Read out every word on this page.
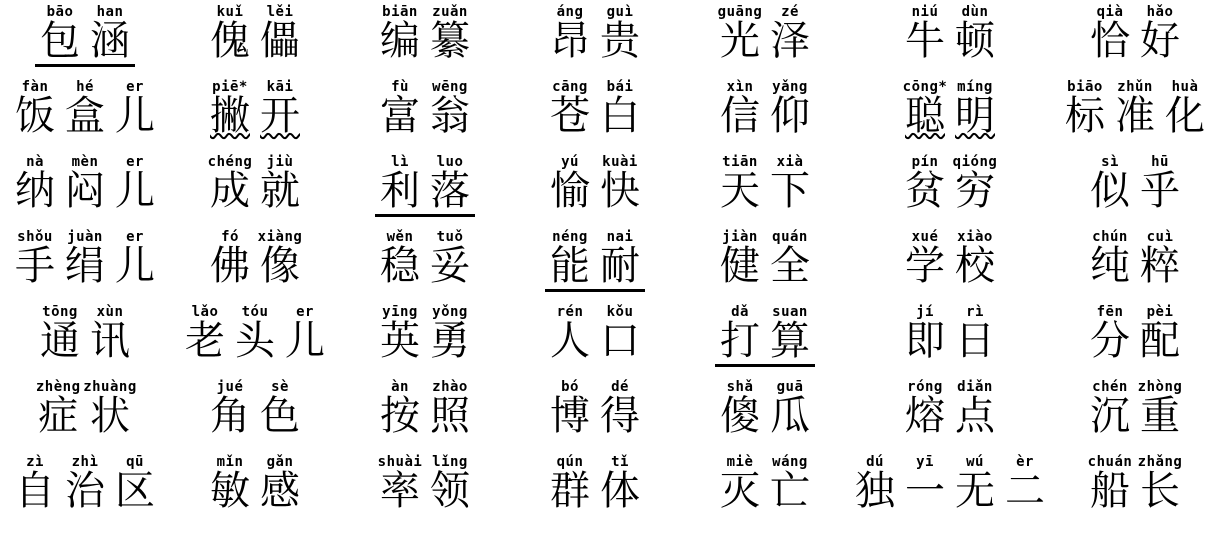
bāo
包
han
涵
kuǐ
傀
lěi
儡
biān
编
zuǎn
纂
áng
昂
guì
贵
guāng
光
zé
泽
niú
牛
dùn
顿
qià
恰
hǎo
好
fàn
饭
hé
盒
er
儿
piē*
撇
kāi
开
fù
富
wēng
翁
cāng
苍
bái
白
xìn
信
yǎng
仰
cōng*
聪
míng
明
biāo
标
zhǔn
准
huà
化
nà
纳
mèn
闷
er
儿
chéng
成
jiù
就
lì
利
luo
落
yú
愉
kuài
快
tiān
天
xià
下
pín
贫
qióng
穷
sì
似
hū
乎
shǒu
手
juàn
绢
er
儿
fó
佛
xiàng
像
wěn
稳
tuǒ
妥
néng
能
nai
耐
jiàn
健
quán
全
xué
学
xiào
校
chún
纯
cuì
粹
tōng
通
xùn
讯
lǎo
老
tóu
头
er
儿
yīng
英
yǒng
勇
rén
人
kǒu
口
dǎ
打
suan
算
jí
即
rì
日
fēn
分
pèi
配
zhèng
症
zhuàng
状
jué
角
sè
色
àn
按
zhào
照
bó
博
dé
得
shǎ
傻
guā
瓜
róng
熔
diǎn
点
chén
沉
zhòng
重
zì
自
zhì
治
qū
区
mǐn
敏
gǎn
感
shuài
率
lǐng
领
qún
群
tǐ
体
miè
灭
wáng
亡
dú
独
yī
一
wú
无
èr
二
chuán
船
zhǎng
长
